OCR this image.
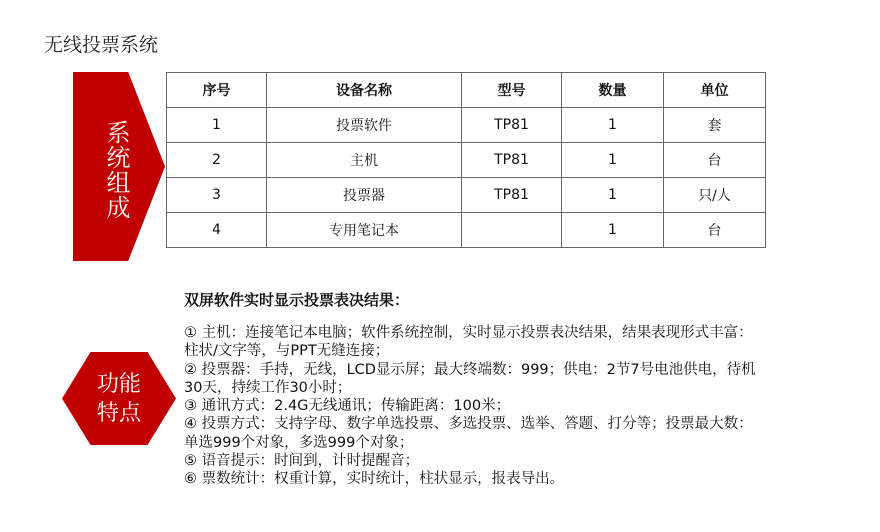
无线投票系统
系统组成
序号	设备名称	型号	数量	单位
1	投票软件	TP81	1	套
2	主机	TP81	1	台
3	投票器	TP81	1	只/人
4	专用笔记本		1	台
功能
特点
双屏软件实时显示投票表决结果：
① 主机：连接笔记本电脑；软件系统控制，实时显示投票表决结果，结果表现形式丰富：柱状/文字等，与PPT无缝连接；
② 投票器：手持，无线，LCD显示屏；最大终端数：999；供电：2节7号电池供电，待机30天，持续工作30小时；
③ 通讯方式：2.4G无线通讯；传输距离：100米；
④ 投票方式：支持字母、数字单选投票、多选投票、选举、答题、打分等；投票最大数：单选999个对象，多选999个对象；
⑤ 语音提示：时间到，计时提醒音；
⑥ 票数统计：权重计算，实时统计，柱状显示，报表导出。
